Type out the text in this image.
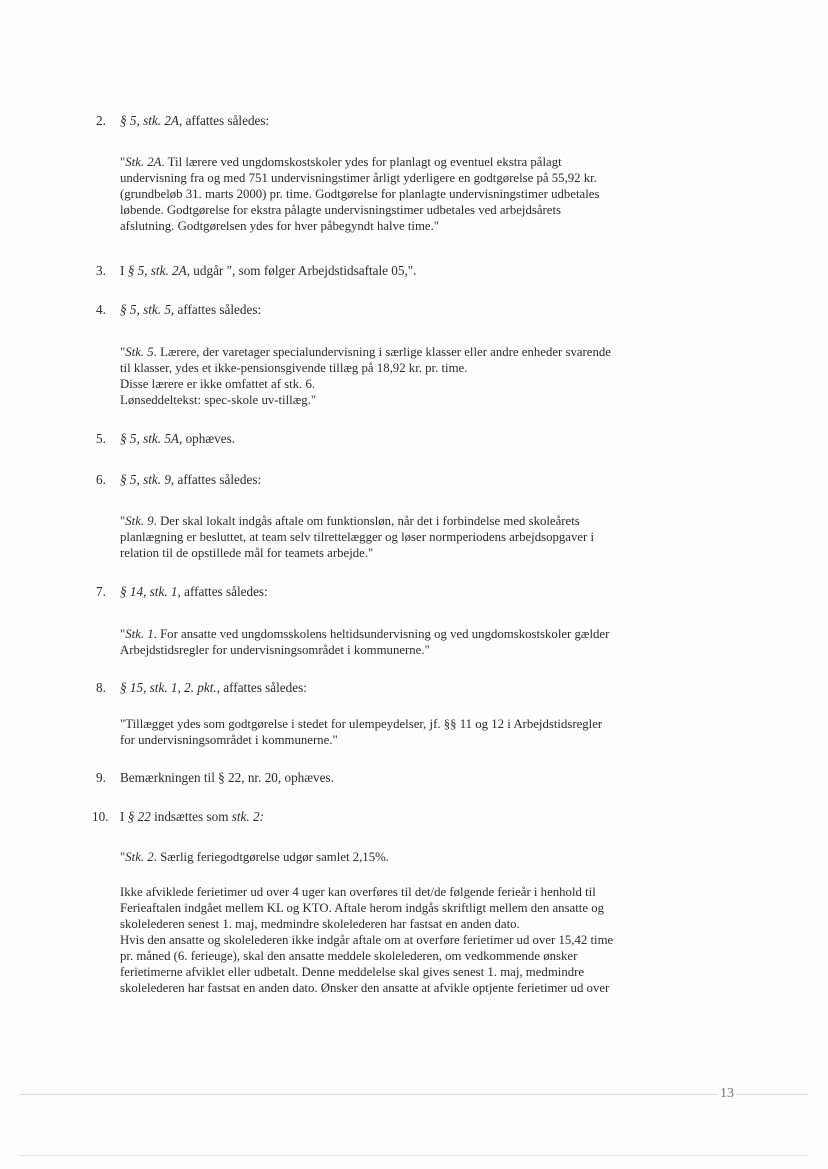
2.	§ 5, stk. 2A, affattes således:

"Stk. 2A. Til lærere ved ungdomskostskoler ydes for planlagt og eventuel ekstra pålagt

undervisning fra og med 751 undervisningstimer årligt yderligere en godtgørelse på 55,92 kr.

(grundbeløb 31. marts 2000) pr. time. Godtgørelse for planlagte undervisningstimer udbetales

løbende. Godtgørelse for ekstra pålagte undervisningstimer udbetales ved arbejdsårets

afslutning. Godtgørelsen ydes for hver påbegyndt halve time."

3.	I § 5, stk. 2A, udgår ", som følger Arbejdstidsaftale 05,".
4.	§ 5, stk. 5, affattes således:

"Stk. 5. Lærere, der varetager specialundervisning i særlige klasser eller andre enheder svarende

til klasser, ydes et ikke-pensionsgivende tillæg på 18,92 kr. pr. time.

Disse lærere er ikke omfattet af stk. 6.

Lønseddeltekst: spec-skole uv-tillæg."

5.	§ 5, stk. 5A, ophæves.
6.	§ 5, stk. 9, affattes således:

"Stk. 9. Der skal lokalt indgås aftale om funktionsløn, når det i forbindelse med skoleårets

planlægning er besluttet, at team selv tilrettelægger og løser normperiodens arbejdsopgaver i

relation til de opstillede mål for teamets arbejde."

7.	§ 14, stk. 1, affattes således:

"Stk. 1. For ansatte ved ungdomsskolens heltidsundervisning og ved ungdomskostskoler gælder

Arbejdstidsregler for undervisningsområdet i kommunerne."

8.	§ 15, stk. 1, 2. pkt., affattes således:

"Tillægget ydes som godtgørelse i stedet for ulempeydelser, jf. §§ 11 og 12 i Arbejdstidsregler

for undervisningsområdet i kommunerne."

9.	Bemærkningen til § 22, nr. 20, ophæves.
10. I § 22 indsættes som stk. 2:

"Stk. 2. Særlig feriegodtgørelse udgør samlet 2,15%.

Ikke afviklede ferietimer ud over 4 uger kan overføres til det/de følgende ferieår i henhold til

Ferieaftalen indgået mellem KL og KTO. Aftale herom indgås skriftligt mellem den ansatte og

skolelederen senest 1. maj, medmindre skolelederen har fastsat en anden dato.

Hvis den ansatte og skolelederen ikke indgår aftale om at overføre ferietimer ud over 15,42 time

pr. måned (6. ferieuge), skal den ansatte meddele skolelederen, om vedkommende ønsker

ferietimerne afviklet eller udbetalt. Denne meddelelse skal gives senest 1. maj, medmindre

skolelederen har fastsat en anden dato. Ønsker den ansatte at afvikle optjente ferietimer ud over

13
